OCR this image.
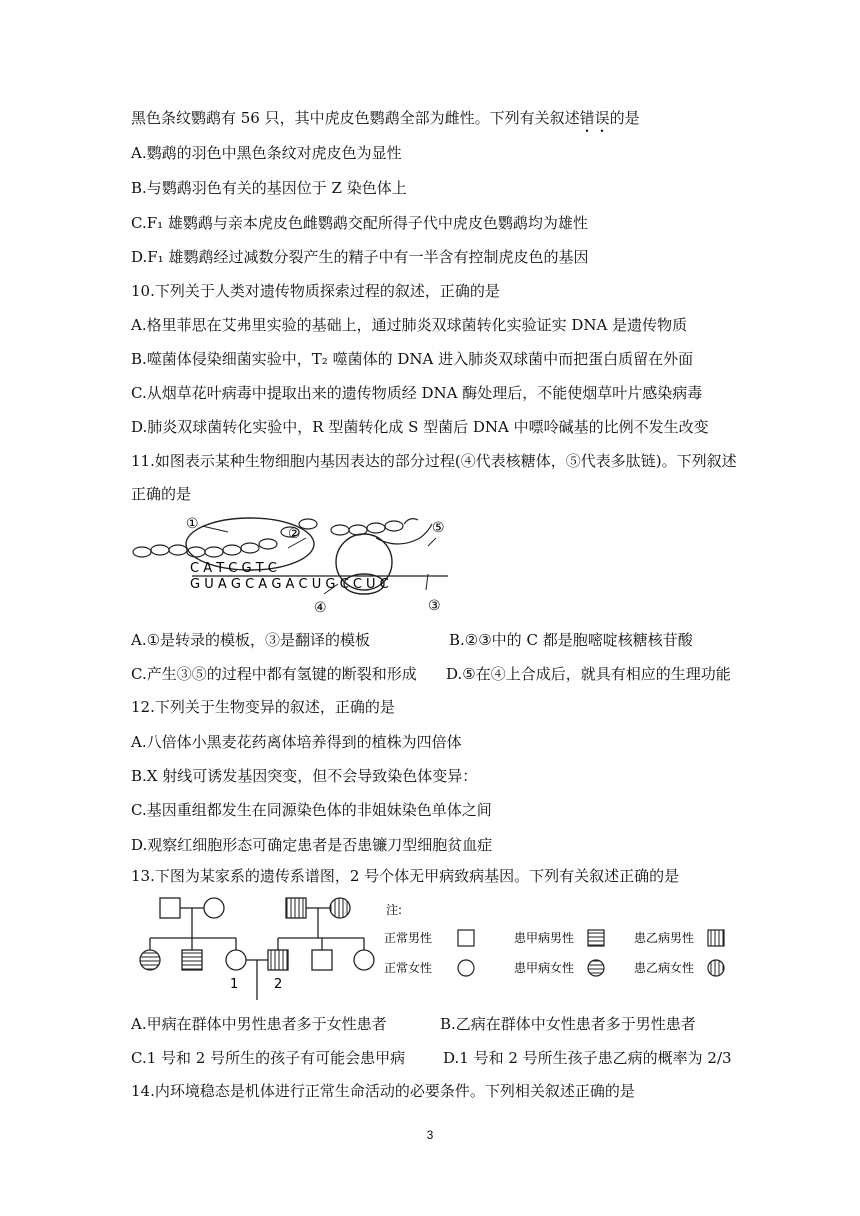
黑色条纹鹦鹉有 56 只，其中虎皮色鹦鹉全部为雌性。下列有关叙述错误的是
A.鹦鹉的羽色中黑色条纹对虎皮色为显性
B.与鹦鹉羽色有关的基因位于 Z 染色体上
C.F₁ 雄鹦鹉与亲本虎皮色雌鹦鹉交配所得子代中虎皮色鹦鹉均为雄性
D.F₁ 雄鹦鹉经过减数分裂产生的精子中有一半含有控制虎皮色的基因
10.下列关于人类对遗传物质探索过程的叙述，正确的是
A.格里菲思在艾弗里实验的基础上，通过肺炎双球菌转化实验证实 DNA 是遗传物质
B.噬菌体侵染细菌实验中，T₂ 噬菌体的 DNA 进入肺炎双球菌中而把蛋白质留在外面
C.从烟草花叶病毒中提取出来的遗传物质经 DNA 酶处理后，不能使烟草叶片感染病毒
D.肺炎双球菌转化实验中，R 型菌转化成 S 型菌后 DNA 中嘌呤碱基的比例不发生改变
11.如图表示某种生物细胞内基因表达的部分过程(④代表核糖体，⑤代表多肽链)。下列叙述
正确的是
①
②
③
④
⑤
C A T C G T C
G U A G C A G A C U G C C U C
A.①是转录的模板，③是翻译的模板	B.②③中的 C 都是胞嘧啶核糖核苷酸
C.产生③⑤的过程中都有氢键的断裂和形成 D.⑤在④上合成后，就具有相应的生理功能
12.下列关于生物变异的叙述，正确的是
A.八倍体小黑麦花药离体培养得到的植株为四倍体
B.X 射线可诱发基因突变，但不会导致染色体变异：
C.基因重组都发生在同源染色体的非姐妹染色单体之间
D.观察红细胞形态可确定患者是否患镰刀型细胞贫血症
13.下图为某家系的遗传系谱图，2 号个体无甲病致病基因。下列有关叙述正确的是
1	2
注:
正常男性	患甲病男性	患乙病男性
正常女性	患甲病女性	患乙病女性
A.甲病在群体中男性患者多于女性患者	B.乙病在群体中女性患者多于男性患者
C.1 号和 2 号所生的孩子有可能会患甲病	D.1 号和 2 号所生孩子患乙病的概率为 2/3
14.内环境稳态是机体进行正常生命活动的必要条件。下列相关叙述正确的是
3
